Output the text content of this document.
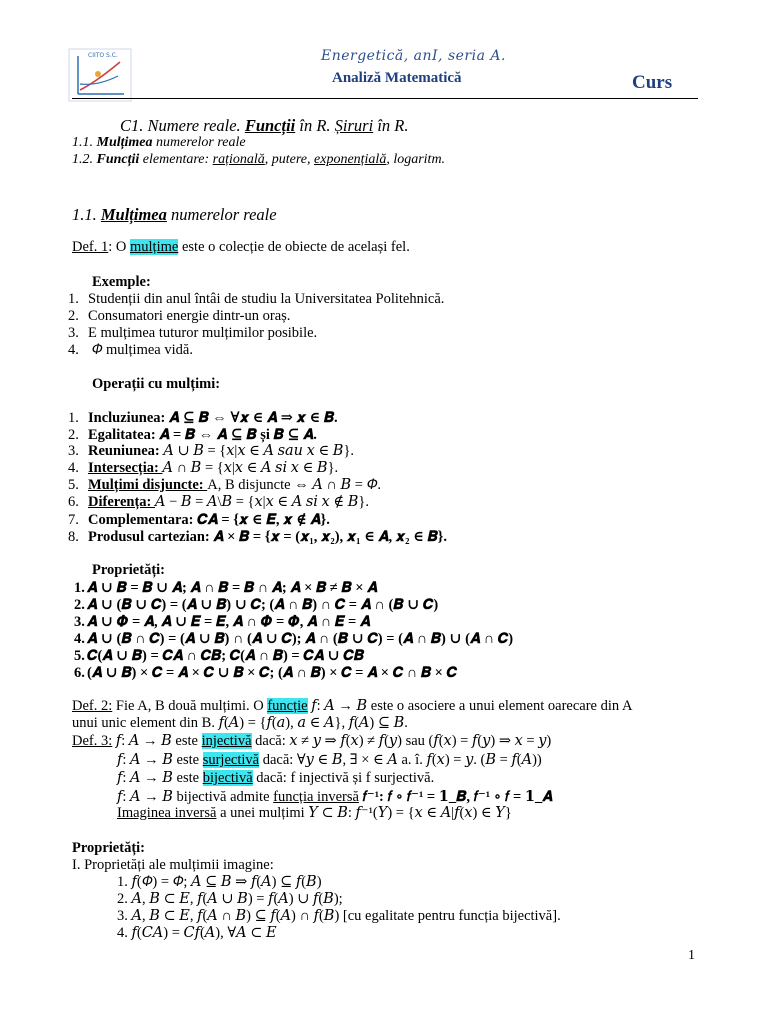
CIITO S.C.	Energetică, anI, seria A.
Analiză Matematică	Curs
C1. Numere reale. Funcții în R. Șiruri în R.
1.1. Mulțimea numerelor reale
1.2. Funcții elementare: rațională, putere, exponențială, logaritm.
1.1. Mulțimea numerelor reale
Def. 1: O mulțime este o colecție de obiecte de același fel.
Exemple:
1. Studenții din anul întâi de studiu la Universitatea Politehnică.
2. Consumatori energie dintr-un oraș.
3. E mulțimea tuturor mulțimilor posibile.
4. 𝛷 mulțimea vidă.
Operații cu mulțimi:
1. Incluziunea: 𝑨 ⊆ 𝑩 ⇔ ∀𝒙 ∈ 𝑨 ⇒ 𝒙 ∈ 𝑩.
2. Egalitatea: 𝑨 = 𝑩 ⇔ 𝑨 ⊆ 𝑩 și 𝑩 ⊆ 𝑨.
3. Reuniunea: 𝐴 ∪ 𝐵 = {𝑥|𝑥 ∈ 𝐴 𝑠𝑎𝑢 𝑥 ∈ 𝐵}.
4. Intersecția: 𝐴 ∩ 𝐵 = {𝑥|𝑥 ∈ 𝐴 𝑠𝑖 𝑥 ∈ 𝐵}.
5. Mulțimi disjuncte: A, B disjuncte ⇔ 𝐴 ∩ 𝐵 = 𝛷.
6. Diferența: 𝐴 − 𝐵 = 𝐴\𝐵 = {𝑥|𝑥 ∈ 𝐴 𝑠𝑖 𝑥 ∉ 𝐵}.
7. Complementara: 𝑪𝑨 = {𝒙 ∈ 𝑬, 𝒙 ∉ 𝑨}.
8. Produsul cartezian: 𝑨 × 𝑩 = {𝒙 = (𝒙₁, 𝒙₂), 𝒙₁ ∈ 𝑨, 𝒙₂ ∈ 𝑩}.
Proprietăți:
1. 𝑨 ∪ 𝑩 = 𝑩 ∪ 𝑨; 𝑨 ∩ 𝑩 = 𝑩 ∩ 𝑨; 𝑨 × 𝑩 ≠ 𝑩 × 𝑨
2. 𝑨 ∪ (𝑩 ∪ 𝑪) = (𝑨 ∪ 𝑩) ∪ 𝑪; (𝑨 ∩ 𝑩) ∩ 𝑪 = 𝑨 ∩ (𝑩 ∪ 𝑪)
3. 𝑨 ∪ 𝜱 = 𝑨, 𝑨 ∪ 𝑬 = 𝑬, 𝑨 ∩ 𝜱 = 𝜱, 𝑨 ∩ 𝑬 = 𝑨
4. 𝑨 ∪ (𝑩 ∩ 𝑪) = (𝑨 ∪ 𝑩) ∩ (𝑨 ∪ 𝑪); 𝑨 ∩ (𝑩 ∪ 𝑪) = (𝑨 ∩ 𝑩) ∪ (𝑨 ∩ 𝑪)
5. 𝑪(𝑨 ∪ 𝑩) = 𝑪𝑨 ∩ 𝑪𝑩; 𝑪(𝑨 ∩ 𝑩) = 𝑪𝑨 ∪ 𝑪𝑩
6. (𝑨 ∪ 𝑩) × 𝑪 = 𝑨 × 𝑪 ∪ 𝑩 × 𝑪; (𝑨 ∩ 𝑩) × 𝑪 = 𝑨 × 𝑪 ∩ 𝑩 × 𝑪
Def. 2: Fie A, B două mulțimi. O funcție 𝑓: 𝐴 → 𝐵 este o asociere a unui element oarecare din A
unui unic element din B. 𝑓(𝐴) = {𝑓(𝑎), 𝑎 ∈ 𝐴}, 𝑓(𝐴) ⊆ 𝐵.
Def. 3: 𝑓: 𝐴 → 𝐵 este injectivă dacă: 𝑥 ≠ 𝑦 ⇒ 𝑓(𝑥) ≠ 𝑓(𝑦) sau (𝑓(𝑥) = 𝑓(𝑦) ⇒ 𝑥 = 𝑦)
𝑓: 𝐴 → 𝐵 este surjectivă dacă: ∀𝑦 ∈ 𝐵, ∃ × ∈ 𝐴 a. î. 𝑓(𝑥) = 𝑦. (𝐵 = 𝑓(𝐴))
𝑓: 𝐴 → 𝐵 este bijectivă dacă: f injectivă și f surjectivă.
𝑓: 𝐴 → 𝐵 bijectivă admite funcția inversă 𝑓⁻¹: 𝑓 ∘ 𝑓⁻¹ = 𝟏_𝑩, 𝑓⁻¹ ∘ 𝑓 = 𝟏_𝑨
Imaginea inversă a unei mulțimi 𝑌 ⊂ 𝐵: 𝑓⁻¹(𝑌) = {𝑥 ∈ 𝐴|𝑓(𝑥) ∈ 𝑌}
Proprietăți:
I. Proprietăți ale mulțimii imagine:
1. 𝑓(𝛷) = 𝛷; 𝐴 ⊆ 𝐵 ⇒ 𝑓(𝐴) ⊆ 𝑓(𝐵)
2. 𝐴, 𝐵 ⊂ 𝐸, 𝑓(𝐴 ∪ 𝐵) = 𝑓(𝐴) ∪ 𝑓(𝐵);
3. 𝐴, 𝐵 ⊂ 𝐸, 𝑓(𝐴 ∩ 𝐵) ⊆ 𝑓(𝐴) ∩ 𝑓(𝐵) [cu egalitate pentru funcția bijectivă].
4. 𝑓(𝐶𝐴) = 𝐶𝑓(𝐴), ∀𝐴 ⊂ 𝐸
1
